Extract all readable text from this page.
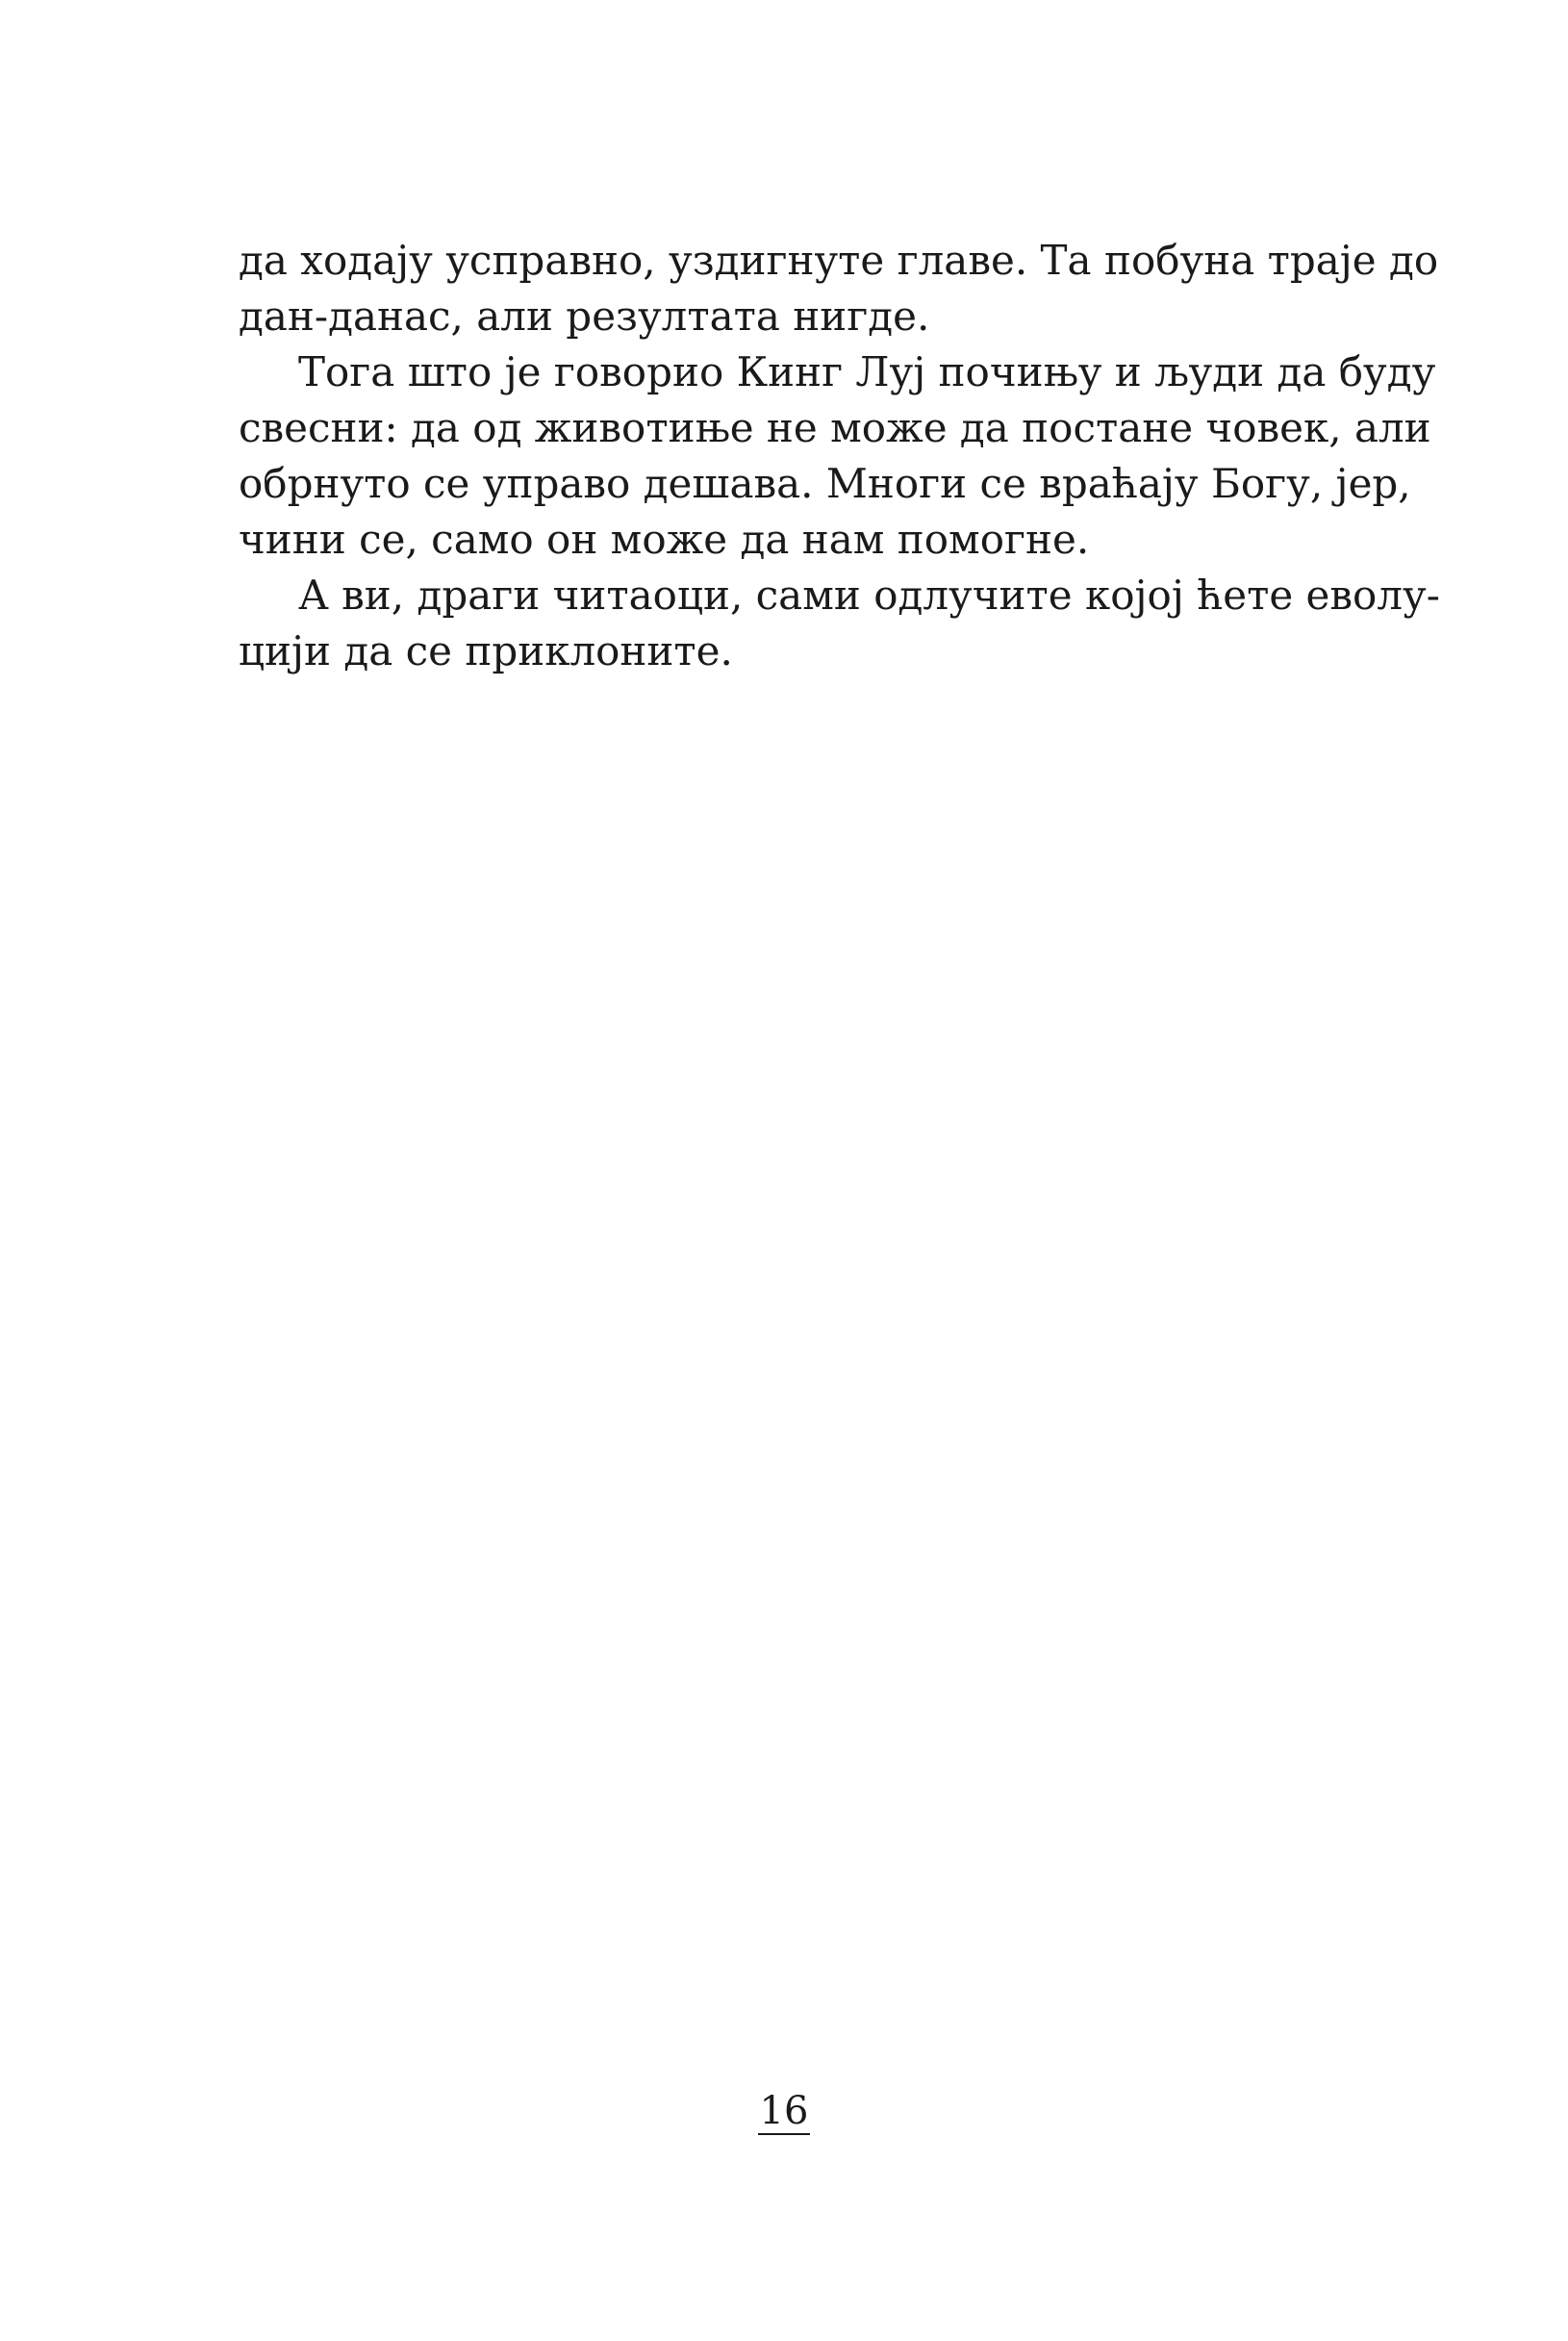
да ходају усправно, уздигнуте главе. Та побуна траје до
дан-данас, али резултата нигде.
Тога што је говорио Кинг Луј почињу и људи да буду
свесни: да од животиње не може да постане човек, али
обрнуто се управо дешава. Многи се враћају Богу, јер,
чини се, само он може да нам помогне.
А ви, драги читаоци, сами одлучите којој ћете еволу-
цији да се приклоните.
16
